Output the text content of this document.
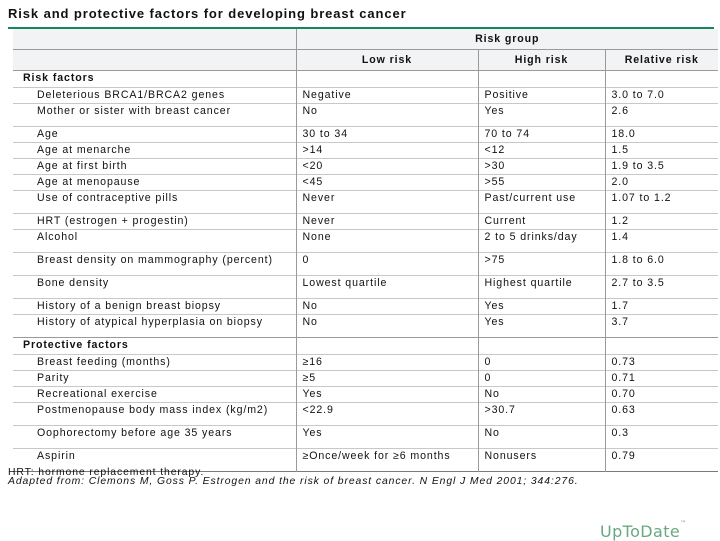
Risk and protective factors for developing breast cancer
	Risk group		
	Low risk	High risk	Relative risk
Risk factors			
Deleterious BRCA1/BRCA2 genes	Negative	Positive	3.0 to 7.0
Mother or sister with breast cancer	No	Yes	2.6
Age	30 to 34	70 to 74	18.0
Age at menarche	>14	<12	1.5
Age at first birth	<20	>30	1.9 to 3.5
Age at menopause	<45	>55	2.0
Use of contraceptive pills	Never	Past/current use	1.07 to 1.2
HRT (estrogen + progestin)	Never	Current	1.2
Alcohol	None	2 to 5 drinks/day	1.4
Breast density on mammography (percent)	0	>75	1.8 to 6.0
Bone density	Lowest quartile	Highest quartile	2.7 to 3.5
History of a benign breast biopsy	No	Yes	1.7
History of atypical hyperplasia on biopsy	No	Yes	3.7
Protective factors			
Breast feeding (months)	≥16	0	0.73
Parity	≥5	0	0.71
Recreational exercise	Yes	No	0.70
Postmenopause body mass index (kg/m2)	<22.9	>30.7	0.63
Oophorectomy before age 35 years	Yes	No	0.3
Aspirin	≥Once/week for ≥6 months	Nonusers	0.79
HRT: hormone replacement therapy.
Adapted from: Clemons M, Goss P. Estrogen and the risk of breast cancer. N Engl J Med 2001; 344:276.
UpToDate™
